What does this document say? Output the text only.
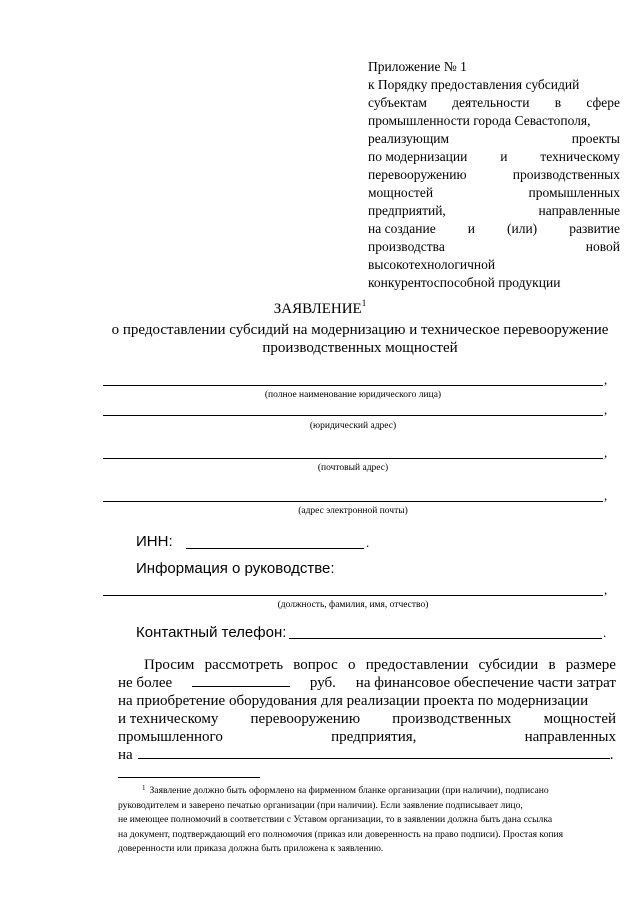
Приложение № 1
к Порядку предоставления субсидий
субъектам деятельности в сфере
промышленности города Севастополя,
реализующим	проекты
по модернизации и техническому
перевооружению	производственных
мощностей	промышленных
предприятий,	направленные
на создание и (или) развитие
производства	новой
высокотехнологичной
конкурентоспособной продукции
ЗАЯВЛЕНИЕ$^1$
о предоставлении субсидий на модернизацию и техническое перевооружение производственных мощностей
,
(полное наименование юридического лица)
,
(юридический адрес)
,
(почтовый адрес)
,
(адрес электронной почты)
ИНН:	.
Информация о руководстве:
,
(должность, фамилия, имя, отчество)
Контактный телефон:	.
Просим рассмотреть вопрос о предоставлении субсидии в размере
не более	руб. на финансовое обеспечение части затрат
на приобретение оборудования для реализации проекта по модернизации
и техническому перевооружению производственных мощностей
промышленного	предприятия,	направленных
на	.
$^1$ Заявление должно быть оформлено на фирменном бланке организации (при наличии), подписано
руководителем и заверено печатью организации (при наличии). Если заявление подписывает лицо,
не имеющее полномочий в соответствии с Уставом организации, то в заявлении должна быть дана ссылка
на документ, подтверждающий его полномочия (приказ или доверенность на право подписи). Простая копия
доверенности или приказа должна быть приложена к заявлению.
